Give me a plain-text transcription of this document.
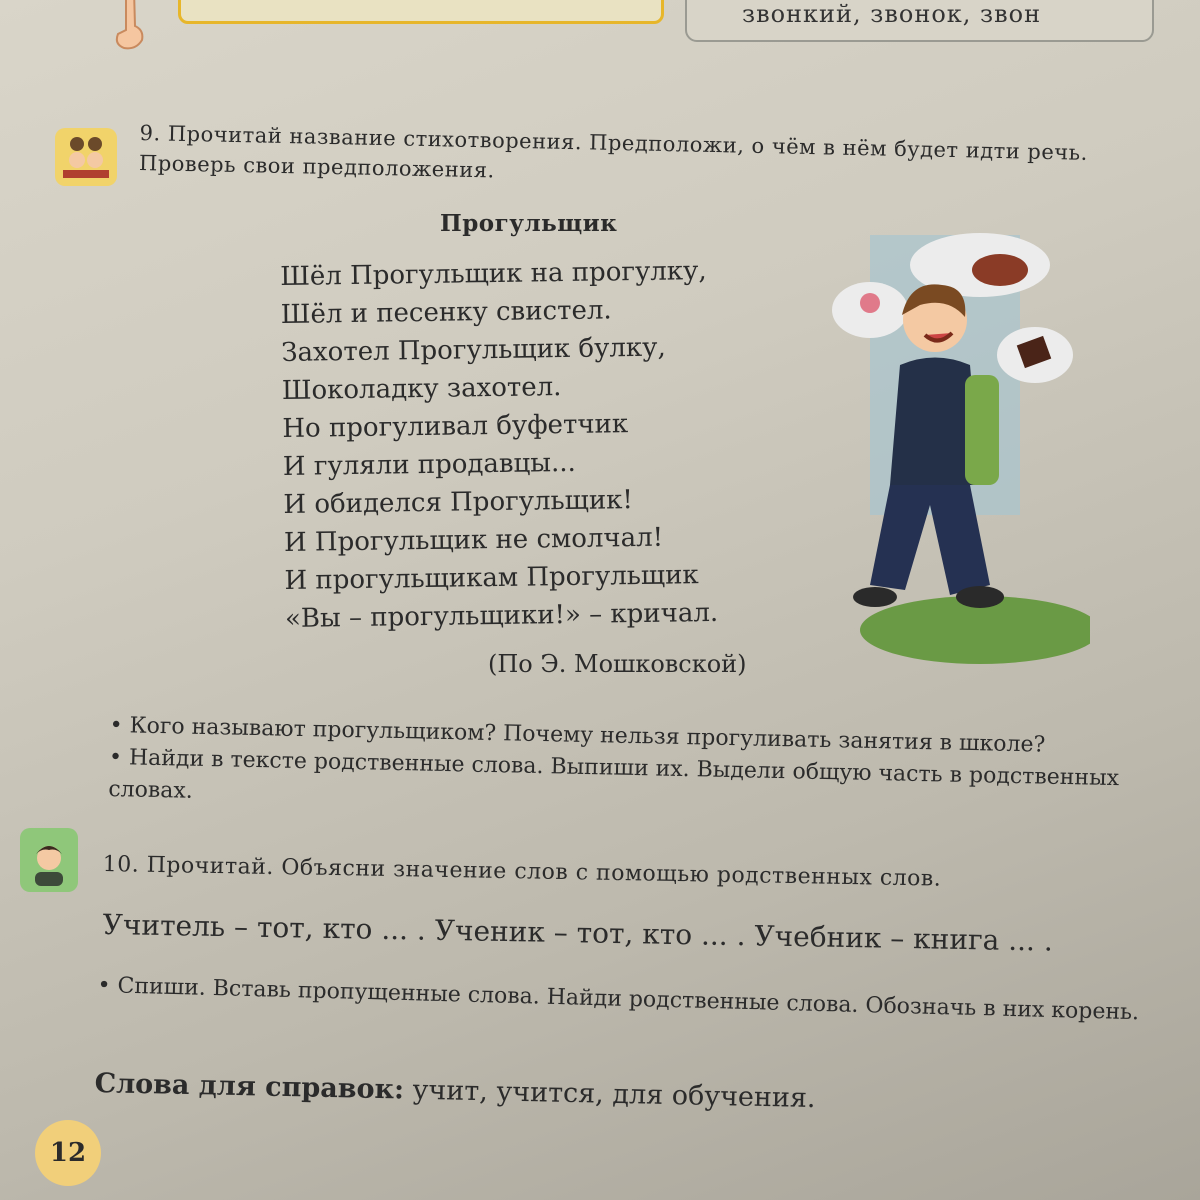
звонкий, звонок, звон
9. Прочитай название стихотворения. Предположи, о чём в нём будет идти речь. Проверь свои предположения.
Прогульщик
Шёл Прогульщик на прогулку,
Шёл и песенку свистел.
Захотел Прогульщик булку,
Шоколадку захотел.
Но прогуливал буфетчик
И гуляли продавцы...
И обиделся Прогульщик!
И Прогульщик не смолчал!
И прогульщикам Прогульщик
«Вы – прогульщики!» – кричал.
(По Э. Мошковской)
• Кого называют прогульщиком? Почему нельзя прогуливать занятия в школе?
• Найди в тексте родственные слова. Выпиши их. Выдели общую часть в родственных словах.
10. Прочитай. Объясни значение слов с помощью родственных слов.
Учитель – тот, кто ... . Ученик – тот, кто ... . Учебник – книга ... .
• Спиши. Вставь пропущенные слова. Найди родственные слова. Обозначь в них корень.
Слова для справок: учит, учится, для обучения.
12
